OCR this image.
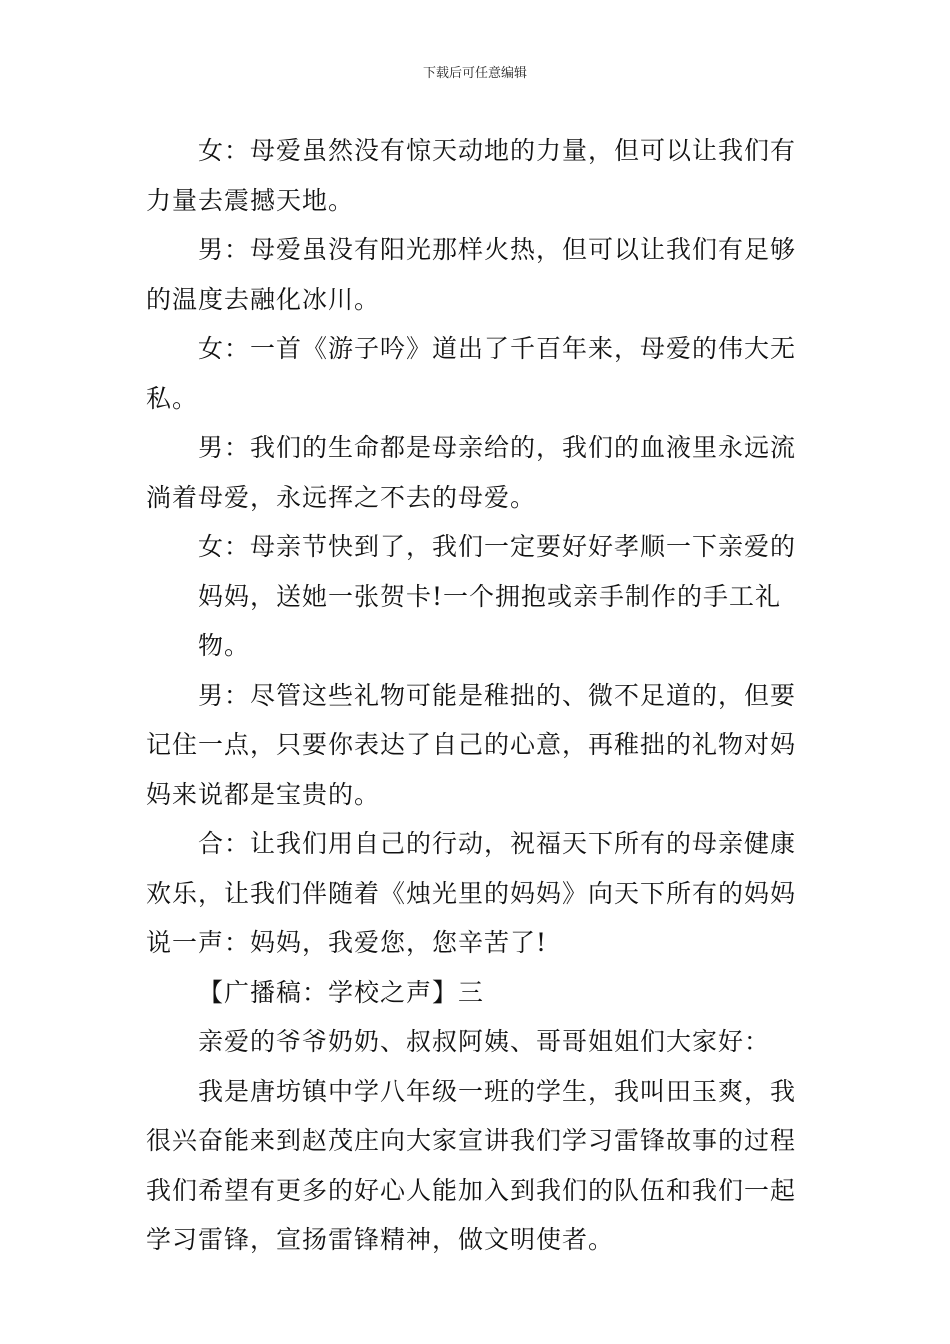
下载后可任意编辑

女：母爱虽然没有惊天动地的力量，但可以让我们有力量去震撼天地。

男：母爱虽没有阳光那样火热，但可以让我们有足够的温度去融化冰川。

女：一首《游子吟》道出了千百年来，母爱的伟大无私。

男：我们的生命都是母亲给的，我们的血液里永远流淌着母爱，永远挥之不去的母爱。

女：母亲节快到了，我们一定要好好孝顺一下亲爱的

妈妈，送她一张贺卡!一个拥抱或亲手制作的手工礼物。

男：尽管这些礼物可能是稚拙的、微不足道的，但要记住一点，只要你表达了自己的心意，再稚拙的礼物对妈妈来说都是宝贵的。

合：让我们用自己的行动，祝福天下所有的母亲健康欢乐，让我们伴随着《烛光里的妈妈》向天下所有的妈妈说一声：妈妈，我爱您，您辛苦了!

【广播稿：学校之声】三

亲爱的爷爷奶奶、叔叔阿姨、哥哥姐姐们大家好：

我是唐坊镇中学八年级一班的学生，我叫田玉爽，我很兴奋能来到赵茂庄向大家宣讲我们学习雷锋故事的过程我们希望有更多的好心人能加入到我们的队伍和我们一起学习雷锋，宣扬雷锋精神，做文明使者。
